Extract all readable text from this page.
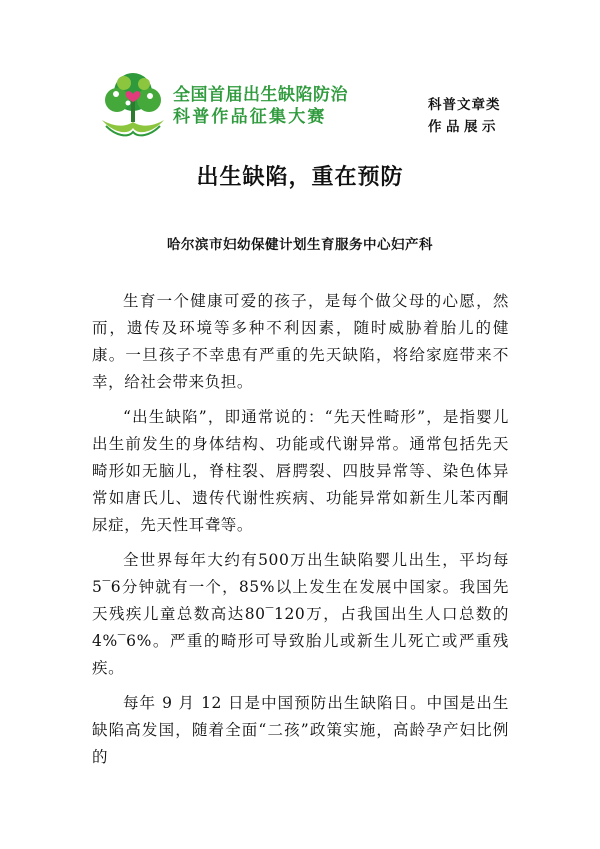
全国首届出生缺陷防治
科普作品征集大赛
科普文章类
作品展示
出生缺陷，重在预防
哈尔滨市妇幼保健计划生育服务中心妇产科

生育一个健康可爱的孩子，是每个做父母的心愿，然而，遗传及环境等多种不利因素，随时威胁着胎儿的健康。一旦孩子不幸患有严重的先天缺陷，将给家庭带来不幸，给社会带来负担。

“出生缺陷”，即通常说的：“先天性畸形”，是指婴儿出生前发生的身体结构、功能或代谢异常。通常包括先天畸形如无脑儿，脊柱裂、唇腭裂、四肢异常等、染色体异常如唐氏儿、遗传代谢性疾病、功能异常如新生儿苯丙酮尿症，先天性耳聋等。

全世界每年大约有500万出生缺陷婴儿出生，平均每5‾6分钟就有一个，85%以上发生在发展中国家。我国先天残疾儿童总数高达80‾120万，占我国出生人口总数的4%‾6%。严重的畸形可导致胎儿或新生儿死亡或严重残疾。

每年 9 月 12 日是中国预防出生缺陷日。中国是出生缺陷高发国，随着全面“二孩”政策实施，高龄孕产妇比例的
